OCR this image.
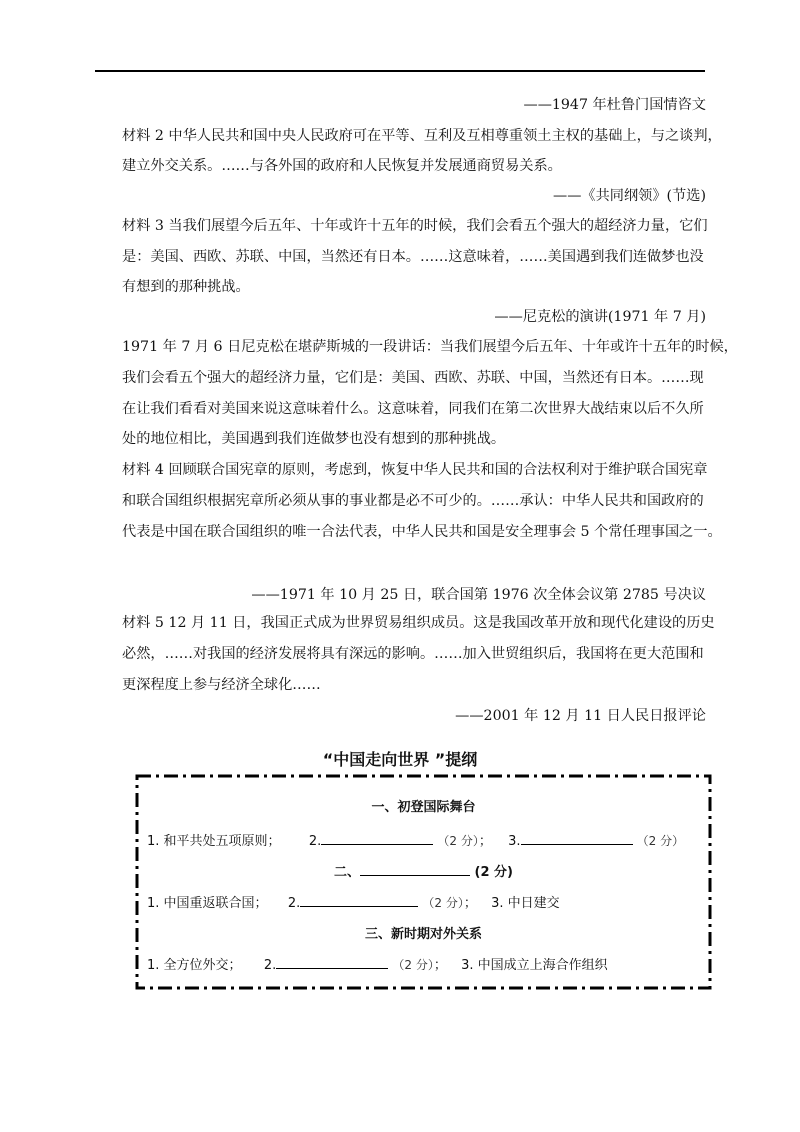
——1947 年杜鲁门国情咨文
材料 2 中华人民共和国中央人民政府可在平等、互利及互相尊重领土主权的基础上，与之谈判，
建立外交关系。……与各外国的政府和人民恢复并发展通商贸易关系。
——《共同纲领》(节选)
材料 3 当我们展望今后五年、十年或许十五年的时候，我们会看五个强大的超经济力量，它们
是：美国、西欧、苏联、中国，当然还有日本。……这意味着，……美国遇到我们连做梦也没
有想到的那种挑战。
——尼克松的演讲(1971 年 7 月)
1971 年 7 月 6 日尼克松在堪萨斯城的一段讲话：当我们展望今后五年、十年或许十五年的时候，
我们会看五个强大的超经济力量，它们是：美国、西欧、苏联、中国，当然还有日本。……现
在让我们看看对美国来说这意味着什么。这意味着，同我们在第二次世界大战结束以后不久所
处的地位相比，美国遇到我们连做梦也没有想到的那种挑战。
材料 4 回顾联合国宪章的原则，考虑到，恢复中华人民共和国的合法权利对于维护联合国宪章
和联合国组织根据宪章所必须从事的事业都是必不可少的。……承认：中华人民共和国政府的
代表是中国在联合国组织的唯一合法代表，中华人民共和国是安全理事会 5 个常任理事国之一。
——1971 年 10 月 25 日，联合国第 1976 次全体会议第 2785 号决议
材料 5 12 月 11 日，我国正式成为世界贸易组织成员。这是我国改革开放和现代化建设的历史
必然，……对我国的经济发展将具有深远的影响。……加入世贸组织后，我国将在更大范围和
更深程度上参与经济全球化……
——2001 年 12 月 11 日人民日报评论
“中国走向世界 ”提纲
一、初登国际舞台
1. 和平共处五项原则； 2.	（2 分）； 3.	（2 分）
二、	(2 分)
1. 中国重返联合国； 2.	（2 分）； 3. 中日建交
三、新时期对外关系
1. 全方位外交； 2.	（2 分）； 3. 中国成立上海合作组织
